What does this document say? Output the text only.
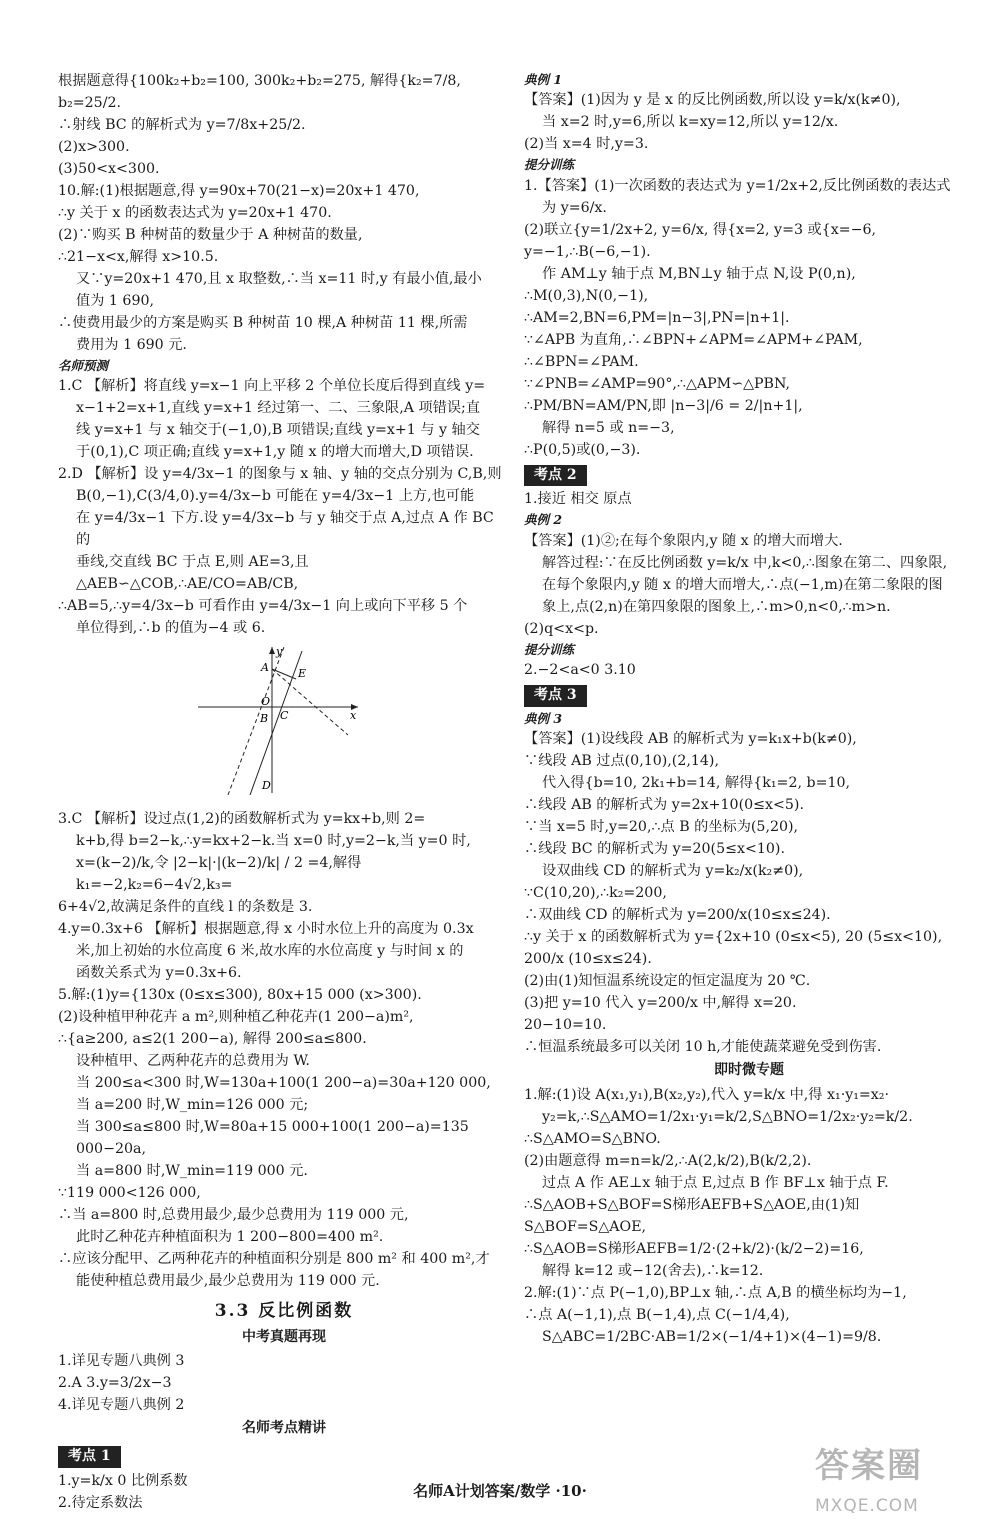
根据题意得{100k₂+b₂=100, 300k₂+b₂=275, 解得{k₂=7/8, b₂=25/2.
∴射线 BC 的解析式为 y=7/8x+25/2.
(2)x>300.
(3)50<x<300.
10.解:(1)根据题意,得 y=90x+70(21−x)=20x+1 470,
∴y 关于 x 的函数表达式为 y=20x+1 470.
(2)∵购买 B 种树苗的数量少于 A 种树苗的数量,
∴21−x<x,解得 x>10.5.
又∵y=20x+1 470,且 x 取整数,∴当 x=11 时,y 有最小值,最小
值为 1 690,
∴使费用最少的方案是购买 B 种树苗 10 棵,A 种树苗 11 棵,所需
费用为 1 690 元.
名师预测
1.C 【解析】将直线 y=x−1 向上平移 2 个单位长度后得到直线 y=
x−1+2=x+1,直线 y=x+1 经过第一、二、三象限,A 项错误;直
线 y=x+1 与 x 轴交于(−1,0),B 项错误;直线 y=x+1 与 y 轴交
于(0,1),C 项正确;直线 y=x+1,y 随 x 的增大而增大,D 项错误.
2.D 【解析】设 y=4/3x−1 的图象与 x 轴、y 轴的交点分别为 C,B,则
B(0,−1),C(3/4,0).y=4/3x−b 可能在 y=4/3x−1 上方,也可能
在 y=4/3x−1 下方.设 y=4/3x−b 与 y 轴交于点 A,过点 A 作 BC 的
垂线,交直线 BC 于点 E,则 AE=3,且△AEB∽△COB,∴AE/CO=AB/CB,
∴AB=5,∴y=4/3x−b 可看作由 y=4/3x−1 向上或向下平移 5 个
单位得到,∴b 的值为−4 或 6.
y
x
A	E
O
B C
D
3.C 【解析】设过点(1,2)的函数解析式为 y=kx+b,则 2=
k+b,得 b=2−k,∴y=kx+2−k.当 x=0 时,y=2−k,当 y=0 时,
x=(k−2)/k,令 |2−k|·|(k−2)/k| / 2 =4,解得 k₁=−2,k₂=6−4√2,k₃=
6+4√2,故满足条件的直线 l 的条数是 3.
4.y=0.3x+6 【解析】根据题意,得 x 小时水位上升的高度为 0.3x
米,加上初始的水位高度 6 米,故水库的水位高度 y 与时间 x 的
函数关系式为 y=0.3x+6.
5.解:(1)y={130x (0≤x≤300), 80x+15 000 (x>300).
(2)设种植甲种花卉 a m²,则种植乙种花卉(1 200−a)m²,
∴{a≥200, a≤2(1 200−a), 解得 200≤a≤800.
设种植甲、乙两种花卉的总费用为 W.
当 200≤a<300 时,W=130a+100(1 200−a)=30a+120 000,
当 a=200 时,W_min=126 000 元;
当 300≤a≤800 时,W=80a+15 000+100(1 200−a)=135 000−20a,
当 a=800 时,W_min=119 000 元.
∵119 000<126 000,
∴当 a=800 时,总费用最少,最少总费用为 119 000 元,
此时乙种花卉种植面积为 1 200−800=400 m².
∴应该分配甲、乙两种花卉的种植面积分别是 800 m² 和 400 m²,才
能使种植总费用最少,最少总费用为 119 000 元.
3.3 反比例函数
中考真题再现
1.详见专题八典例 3
2.A 3.y=3/2x−3
4.详见专题八典例 2
名师考点精讲
考点 1
1.y=k/x 0 比例系数
2.待定系数法
典例 1
【答案】(1)因为 y 是 x 的反比例函数,所以设 y=k/x(k≠0),
当 x=2 时,y=6,所以 k=xy=12,所以 y=12/x.
(2)当 x=4 时,y=3.
提分训练
1.【答案】(1)一次函数的表达式为 y=1/2x+2,反比例函数的表达式
为 y=6/x.
(2)联立{y=1/2x+2, y=6/x, 得{x=2, y=3 或{x=−6, y=−1,∴B(−6,−1).
作 AM⊥y 轴于点 M,BN⊥y 轴于点 N,设 P(0,n),
∴M(0,3),N(0,−1),
∴AM=2,BN=6,PM=|n−3|,PN=|n+1|.
∵∠APB 为直角,∴∠BPN+∠APM=∠APM+∠PAM,
∴∠BPN=∠PAM.
∵∠PNB=∠AMP=90°,∴△APM∽△PBN,
∴PM/BN=AM/PN,即 |n−3|/6 = 2/|n+1|,
解得 n=5 或 n=−3,
∴P(0,5)或(0,−3).
考点 2
1.接近 相交 原点
典例 2
【答案】(1)②;在每个象限内,y 随 x 的增大而增大.
解答过程:∵在反比例函数 y=k/x 中,k<0,∴图象在第二、四象限,
在每个象限内,y 随 x 的增大而增大,∴点(−1,m)在第二象限的图
象上,点(2,n)在第四象限的图象上,∴m>0,n<0,∴m>n.
(2)q<x<p.
提分训练
2.−2<a<0 3.10
考点 3
典例 3
【答案】(1)设线段 AB 的解析式为 y=k₁x+b(k≠0),
∵线段 AB 过点(0,10),(2,14),
代入得{b=10, 2k₁+b=14, 解得{k₁=2, b=10,
∴线段 AB 的解析式为 y=2x+10(0≤x<5).
∵当 x=5 时,y=20,∴点 B 的坐标为(5,20),
∴线段 BC 的解析式为 y=20(5≤x<10).
设双曲线 CD 的解析式为 y=k₂/x(k₂≠0),
∵C(10,20),∴k₂=200,
∴双曲线 CD 的解析式为 y=200/x(10≤x≤24).
∴y 关于 x 的函数解析式为 y={2x+10 (0≤x<5), 20 (5≤x<10), 200/x (10≤x≤24).
(2)由(1)知恒温系统设定的恒定温度为 20 ℃.
(3)把 y=10 代入 y=200/x 中,解得 x=20.
20−10=10.
∴恒温系统最多可以关闭 10 h,才能使蔬菜避免受到伤害.
即时微专题
1.解:(1)设 A(x₁,y₁),B(x₂,y₂),代入 y=k/x 中,得 x₁·y₁=x₂·
y₂=k,∴S△AMO=1/2x₁·y₁=k/2,S△BNO=1/2x₂·y₂=k/2.
∴S△AMO=S△BNO.
(2)由题意得 m=n=k/2,∴A(2,k/2),B(k/2,2).
过点 A 作 AE⊥x 轴于点 E,过点 B 作 BF⊥x 轴于点 F.
∴S△AOB+S△BOF=S梯形AEFB+S△AOE,由(1)知 S△BOF=S△AOE,
∴S△AOB=S梯形AEFB=1/2·(2+k/2)·(k/2−2)=16,
解得 k=12 或−12(舍去),∴k=12.
2.解:(1)∵点 P(−1,0),BP⊥x 轴,∴点 A,B 的横坐标均为−1,
∴点 A(−1,1),点 B(−1,4),点 C(−1/4,4),
S△ABC=1/2BC·AB=1/2×(−1/4+1)×(4−1)=9/8.
名师A计划答案/数学 ·10·
答案圈
MXQE.COM
